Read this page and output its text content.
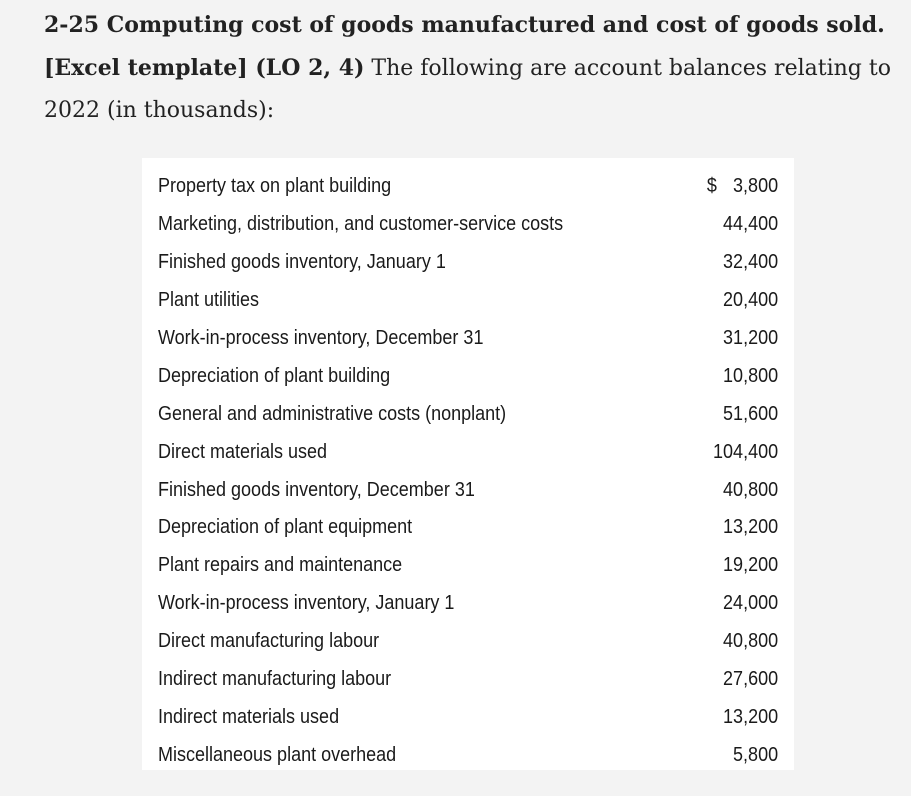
2-25 Computing cost of goods manufactured and cost of goods sold. [Excel template] (LO 2, 4) The following are account balances relating to 2022 (in thousands):
Property tax on plant building	$ 3,800
Marketing, distribution, and customer-service costs	44,400
Finished goods inventory, January 1	32,400
Plant utilities	20,400
Work-in-process inventory, December 31	31,200
Depreciation of plant building	10,800
General and administrative costs (nonplant)	51,600
Direct materials used	104,400
Finished goods inventory, December 31	40,800
Depreciation of plant equipment	13,200
Plant repairs and maintenance	19,200
Work-in-process inventory, January 1	24,000
Direct manufacturing labour	40,800
Indirect manufacturing labour	27,600
Indirect materials used	13,200
Miscellaneous plant overhead	5,800
